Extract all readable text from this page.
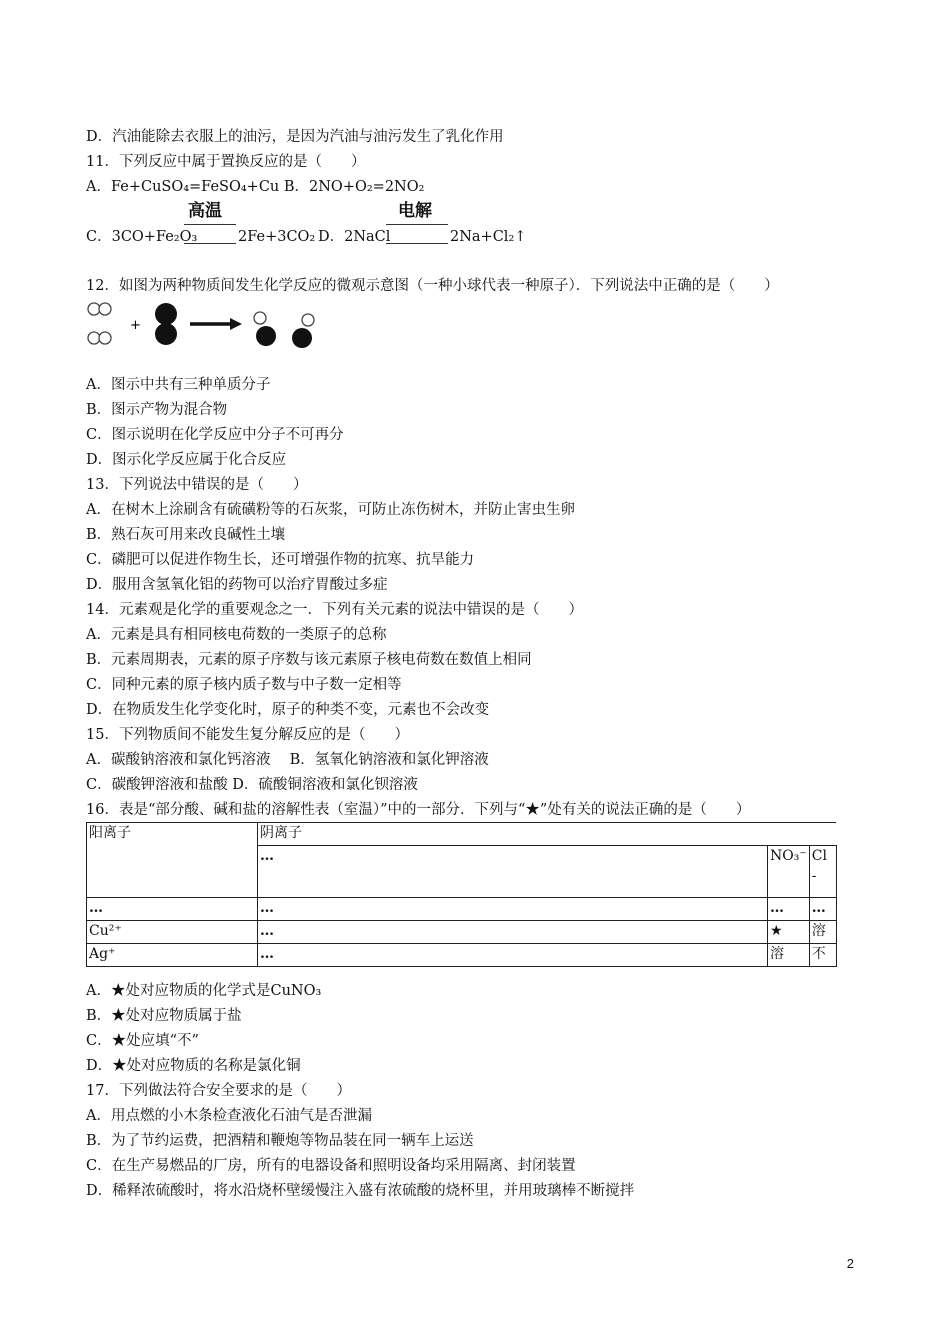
D．汽油能除去衣服上的油污，是因为汽油与油污发生了乳化作用
11．下列反应中属于置换反应的是（　　）
A．Fe+CuSO₄=FeSO₄+Cu B．2NO+O₂=2NO₂
高温	电解
C．3CO+Fe₂O₃	2Fe+3CO₂ D．2NaCl	2Na+Cl₂↑
12．如图为两种物质间发生化学反应的微观示意图（一种小球代表一种原子）．下列说法中正确的是（　　）
+
A．图示中共有三种单质分子
B．图示产物为混合物
C．图示说明在化学反应中分子不可再分
D．图示化学反应属于化合反应
13．下列说法中错误的是（　　）
A．在树木上涂刷含有硫磺粉等的石灰浆，可防止冻伤树木，并防止害虫生卵
B．熟石灰可用来改良碱性土壤
C．磷肥可以促进作物生长，还可增强作物的抗寒、抗旱能力
D．服用含氢氧化铝的药物可以治疗胃酸过多症
14．元素观是化学的重要观念之一．下列有关元素的说法中错误的是（　　）
A．元素是具有相同核电荷数的一类原子的总称
B．元素周期表，元素的原子序数与该元素原子核电荷数在数值上相同
C．同种元素的原子核内质子数与中子数一定相等
D．在物质发生化学变化时，原子的种类不变，元素也不会改变
15．下列物质间不能发生复分解反应的是（　　）
A．碳酸钠溶液和氯化钙溶液　 B．氢氧化钠溶液和氯化钾溶液
C．碳酸钾溶液和盐酸 D．硫酸铜溶液和氯化钡溶液
16．表是“部分酸、碱和盐的溶解性表（室温）”中的一部分．下列与“★”处有关的说法正确的是（　　）
阳离子	阴离子		
	…	NO₃⁻	Cl
-
…	…	…	…
Cu²⁺	…	★	溶
Ag⁺	…	溶	不
A．★处对应物质的化学式是CuNO₃
B．★处对应物质属于盐
C．★处应填“不”
D．★处对应物质的名称是氯化铜
17．下列做法符合安全要求的是（　　）
A．用点燃的小木条检查液化石油气是否泄漏
B．为了节约运费，把酒精和鞭炮等物品装在同一辆车上运送
C．在生产易燃品的厂房，所有的电器设备和照明设备均采用隔离、封闭装置
D．稀释浓硫酸时，将水沿烧杯壁缓慢注入盛有浓硫酸的烧杯里，并用玻璃棒不断搅拌
2
